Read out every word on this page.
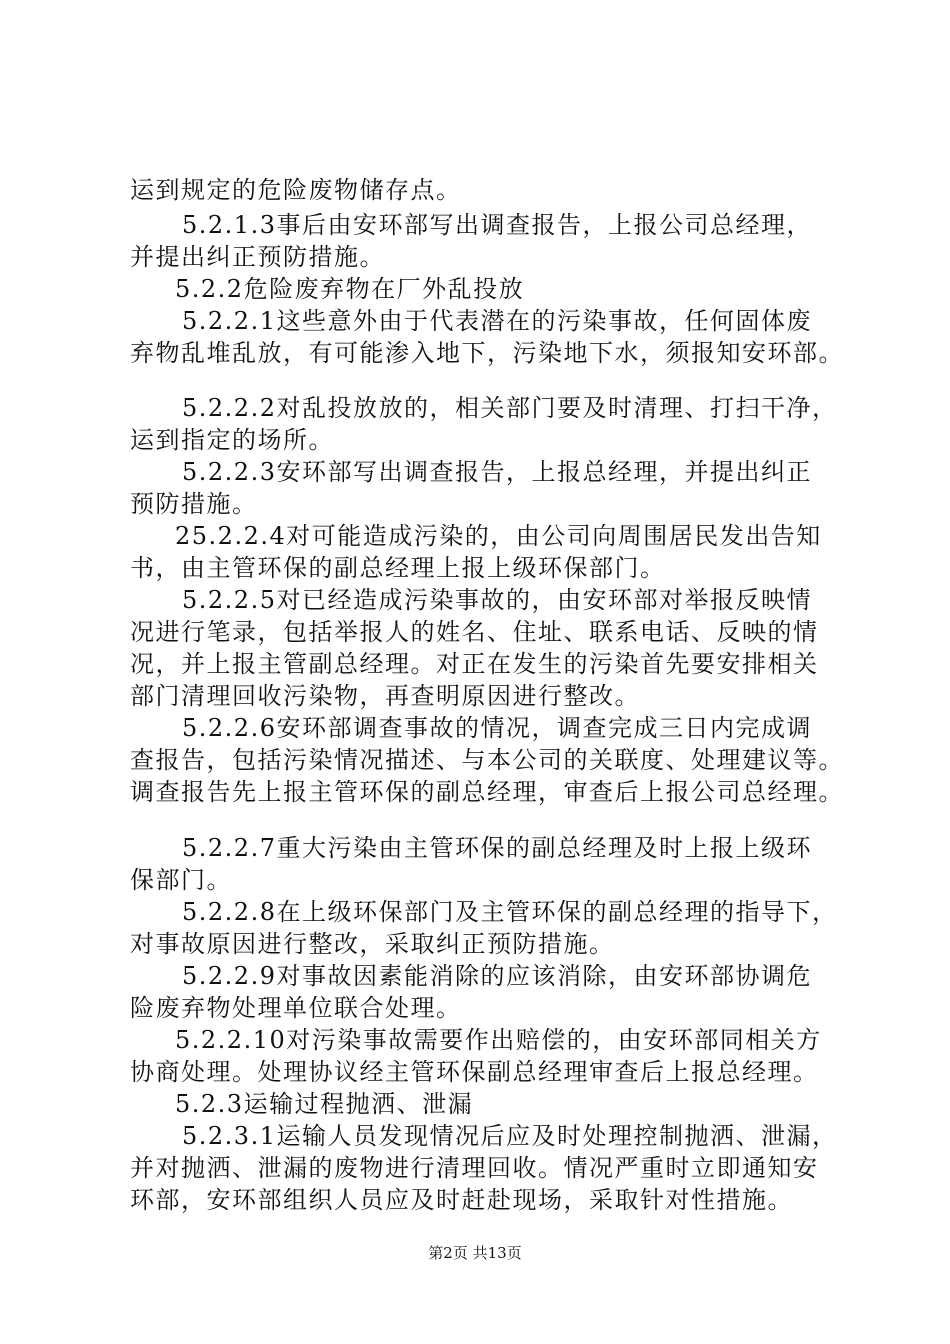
运到规定的危险废物储存点。
5.2.1.3事后由安环部写出调查报告，上报公司总经理，
并提出纠正预防措施。
5.2.2危险废弃物在厂外乱投放
5.2.2.1这些意外由于代表潜在的污染事故，任何固体废
弃物乱堆乱放，有可能渗入地下，污染地下水，须报知安环部。
5.2.2.2对乱投放放的，相关部门要及时清理、打扫干净，
运到指定的场所。
5.2.2.3安环部写出调查报告，上报总经理，并提出纠正
预防措施。
25.2.2.4对可能造成污染的，由公司向周围居民发出告知
书，由主管环保的副总经理上报上级环保部门。
5.2.2.5对已经造成污染事故的，由安环部对举报反映情
况进行笔录，包括举报人的姓名、住址、联系电话、反映的情
况，并上报主管副总经理。对正在发生的污染首先要安排相关
部门清理回收污染物，再查明原因进行整改。
5.2.2.6安环部调查事故的情况，调查完成三日内完成调
查报告，包括污染情况描述、与本公司的关联度、处理建议等。
调查报告先上报主管环保的副总经理，审查后上报公司总经理。
5.2.2.7重大污染由主管环保的副总经理及时上报上级环
保部门。
5.2.2.8在上级环保部门及主管环保的副总经理的指导下，
对事故原因进行整改，采取纠正预防措施。
5.2.2.9对事故因素能消除的应该消除，由安环部协调危
险废弃物处理单位联合处理。
5.2.2.10对污染事故需要作出赔偿的，由安环部同相关方
协商处理。处理协议经主管环保副总经理审查后上报总经理。
5.2.3运输过程抛洒、泄漏
5.2.3.1运输人员发现情况后应及时处理控制抛洒、泄漏，
并对抛洒、泄漏的废物进行清理回收。情况严重时立即通知安
环部，安环部组织人员应及时赶赴现场，采取针对性措施。
第2页 共13页
